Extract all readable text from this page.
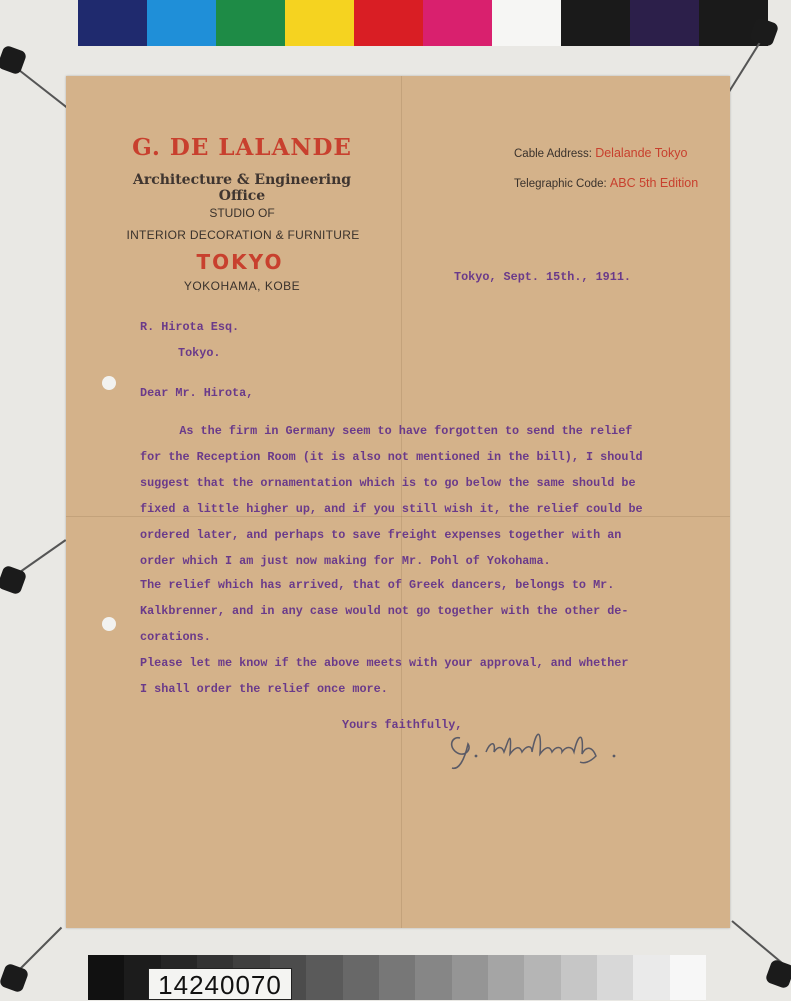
G. DE LALANDE
Architecture & Engineering Office
STUDIO OF
INTERIOR DECORATION & FURNITURE
TOKYO
YOKOHAMA, KOBE
Cable Address: Delalande Tokyo
Telegraphic Code: ABC 5th Edition
Tokyo, Sept. 15th., 1911.
R. Hirota Esq.
Tokyo.
Dear Mr. Hirota,
As the firm in Germany seem to have forgotten to send the relief
for the Reception Room (it is also not mentioned in the bill), I should
suggest that the ornamentation which is to go below the same should be
fixed a little higher up, and if you still wish it, the relief could be
ordered later, and perhaps to save freight expenses together with an
order which I am just now making for Mr. Pohl of Yokohama.
The relief which has arrived, that of Greek dancers, belongs to Mr.
Kalkbrenner, and in any case would not go together with the other de-
corations.
Please let me know if the above meets with your approval, and whether
I shall order the relief once more.
Yours faithfully,
14240070
